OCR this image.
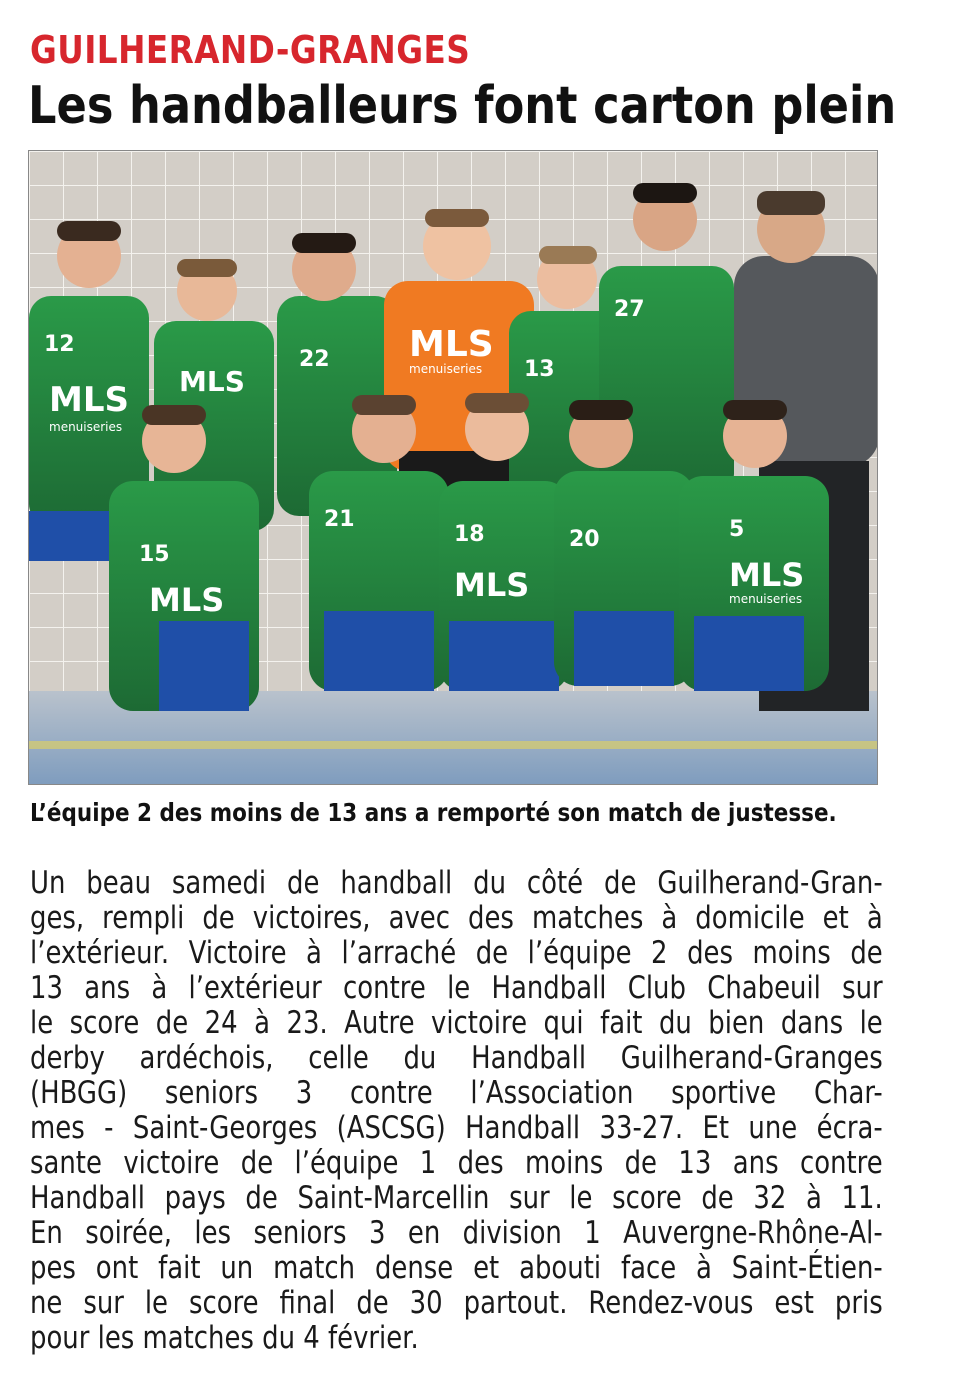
GUILHERAND-GRANGES
Les handballeurs font carton plein
MLS MLS
MLS
MLS	MLS	MLS
menuiseries
menuiseries
menuiseries
12
22	13
27
15
21
18	20	5
L’équipe 2 des moins de 13 ans a remporté son match de justesse.
Un beau samedi de handball du côté de Guilherand-Gran-
ges, rempli de victoires, avec des matches à domicile et à
l’extérieur. Victoire à l’arraché de l’équipe 2 des moins de
13 ans à l’extérieur contre le Handball Club Chabeuil sur
le score de 24 à 23. Autre victoire qui fait du bien dans le
derby ardéchois, celle du Handball Guilherand-Granges
(HBGG) seniors 3 contre l’Association sportive Char-
mes - Saint-Georges (ASCSG) Handball 33-27. Et une écra-
sante victoire de l’équipe 1 des moins de 13 ans contre
Handball pays de Saint-Marcellin sur le score de 32 à 11.
En soirée, les seniors 3 en division 1 Auvergne-Rhône-Al-
pes ont fait un match dense et abouti face à Saint-Étien-
ne sur le score final de 30 partout. Rendez-vous est pris
pour les matches du 4 février.
